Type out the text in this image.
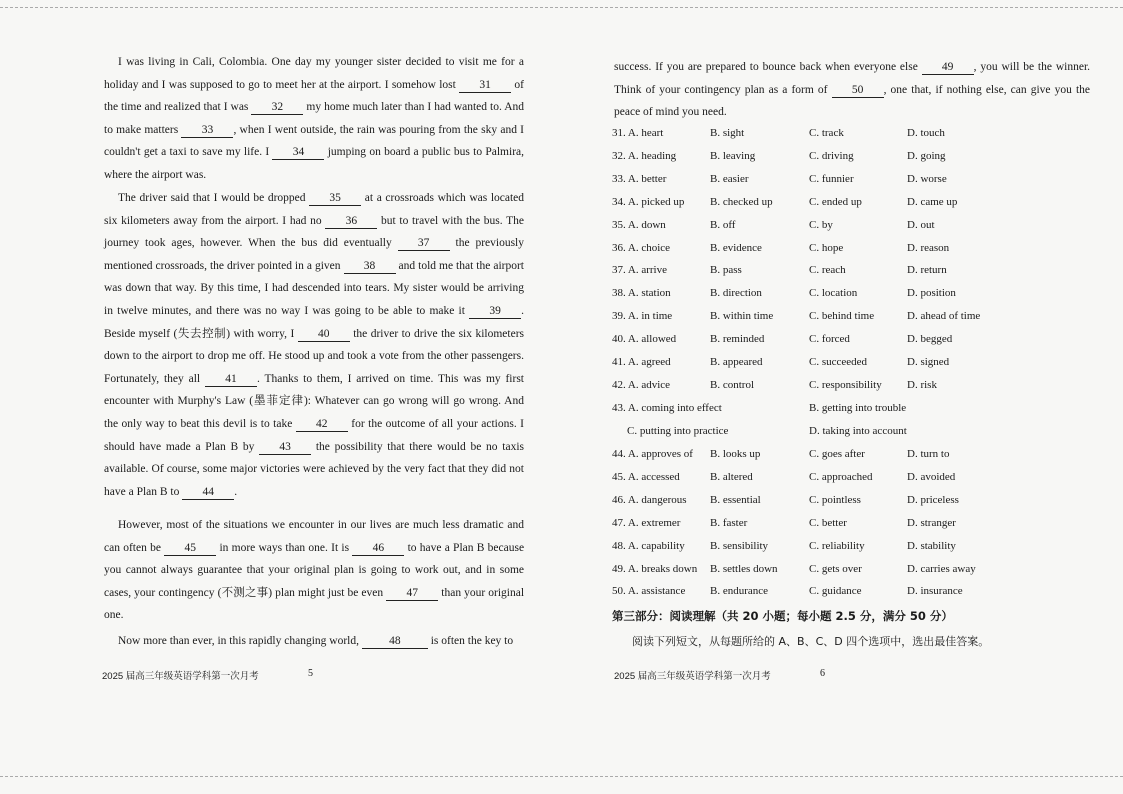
I was living in Cali, Colombia. One day my younger sister decided to visit me for a holiday and I was supposed to go to meet her at the airport. I somehow lost 31 of the time and realized that I was 32 my home much later than I had wanted to. And to make matters 33 , when I went outside, the rain was pouring from the sky and I couldn't get a taxi to save my life. I 34 jumping on board a public bus to Palmira, where the airport was.
The driver said that I would be dropped 35 at a crossroads which was located six kilometers away from the airport. I had no 36 but to travel with the bus. The journey took ages, however. When the bus did eventually 37 the previously mentioned crossroads, the driver pointed in a given 38 and told me that the airport was down that way. By this time, I had descended into tears. My sister would be arriving in twelve minutes, and there was no way I was going to be able to make it 39 . Beside myself (失去控制) with worry, I 40 the driver to drive the six kilometers down to the airport to drop me off. He stood up and took a vote from the other passengers. Fortunately, they all 41 . Thanks to them, I arrived on time. This was my first encounter with Murphy's Law (墨菲定律): Whatever can go wrong will go wrong. And the only way to beat this devil is to take 42 for the outcome of all your actions. I should have made a Plan B by 43 the possibility that there would be no taxis available. Of course, some major victories were achieved by the very fact that they did not have a Plan B to 44 .
However, most of the situations we encounter in our lives are much less dramatic and can often be 45 in more ways than one. It is 46 to have a Plan B because you cannot always guarantee that your original plan is going to work out, and in some cases, your contingency (不测之事) plan might just be even 47 than your original one.
Now more than ever, in this rapidly changing world,	48	is often the key to
2025 届高三年级英语学科第一次月考	5
success. If you are prepared to bounce back when everyone else 49 , you will be the winner. Think of your contingency plan as a form of 50 , one that, if nothing else, can give you the peace of mind you need.
31. A. heart	B. sight	C. track	D. touch
32. A. heading	B. leaving	C. driving	D. going
33. A. better	B. easier	C. funnier	D. worse
34. A. picked up B. checked up	C. ended up	D. came up
35. A. down	B. off	C. by	D. out
36. A. choice	B. evidence	C. hope	D. reason
37. A. arrive	B. pass	C. reach	D. return
38. A. station	B. direction	C. location	D. position
39. A. in time	B. within time	C. behind time	D. ahead of time
40. A. allowed	B. reminded	C. forced	D. begged
41. A. agreed	B. appeared	C. succeeded	D. signed
42. A. advice	B. control	C. responsibility D. risk
43. A. coming into effect	B. getting into trouble
C. putting into practice	D. taking into account
44. A. approves of B. looks up	C. goes after	D. turn to
45. A. accessed	B. altered	C. approached	D. avoided
46. A. dangerous B. essential	C. pointless	D. priceless
47. A. extremer	B. faster	C. better	D. stranger
48. A. capability B. sensibility	C. reliability	D. stability
49. A. breaks down B. settles down	C. gets over	D. carries away
50. A. assistance B. endurance	C. guidance	D. insurance
第三部分：阅读理解（共 20 小题；每小题 2.5 分，满分 50 分）
阅读下列短文，从每题所给的 A、B、C、D 四个选项中，选出最佳答案。
2025 届高三年级英语学科第一次月考	6
